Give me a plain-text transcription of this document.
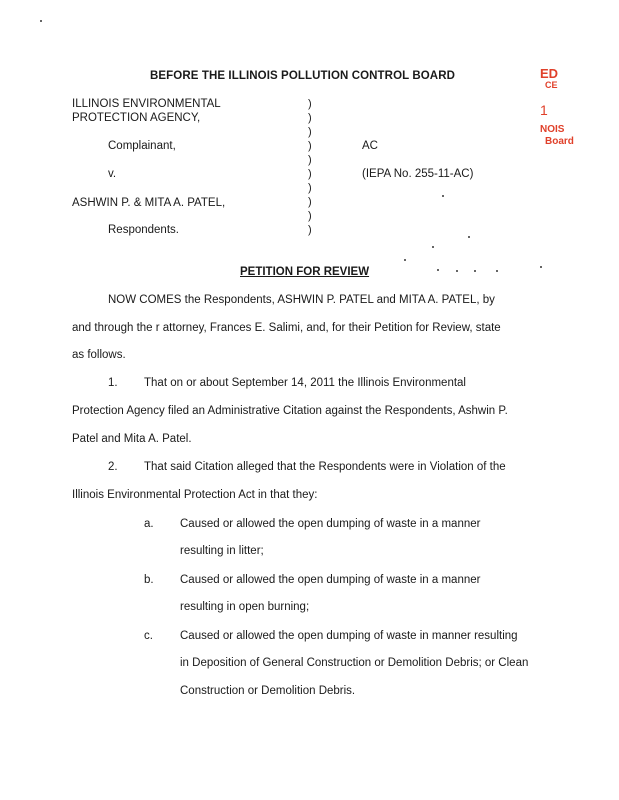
BEFORE THE ILLINOIS POLLUTION CONTROL BOARD	ED
CE
1
NOIS
Board
ILLINOIS ENVIRONMENTAL
PROTECTION AGENCY,
Complainant,
v.
ASHWIN P. & MITA A. PATEL,
Respondents.
)
)
)
)
)
)
)
)
)
)
AC
(IEPA No. 255-11-AC)
PETITION FOR REVIEW
NOW COMES the Respondents, ASHWIN P. PATEL and MITA A. PATEL, by
and through the r attorney, Frances E. Salimi, and, for their Petition for Review, state
as follows.
1. That on or about September 14, 2011 the Illinois Environmental
Protection Agency filed an Administrative Citation against the Respondents, Ashwin P.
Patel and Mita A. Patel.
2. That said Citation alleged that the Respondents were in Violation of the
Illinois Environmental Protection Act in that they:
a. Caused or allowed the open dumping of waste in a manner
resulting in litter;
b. Caused or allowed the open dumping of waste in a manner
resulting in open burning;
c. Caused or allowed the open dumping of waste in manner resulting
in Deposition of General Construction or Demolition Debris; or Clean
Construction or Demolition Debris.
